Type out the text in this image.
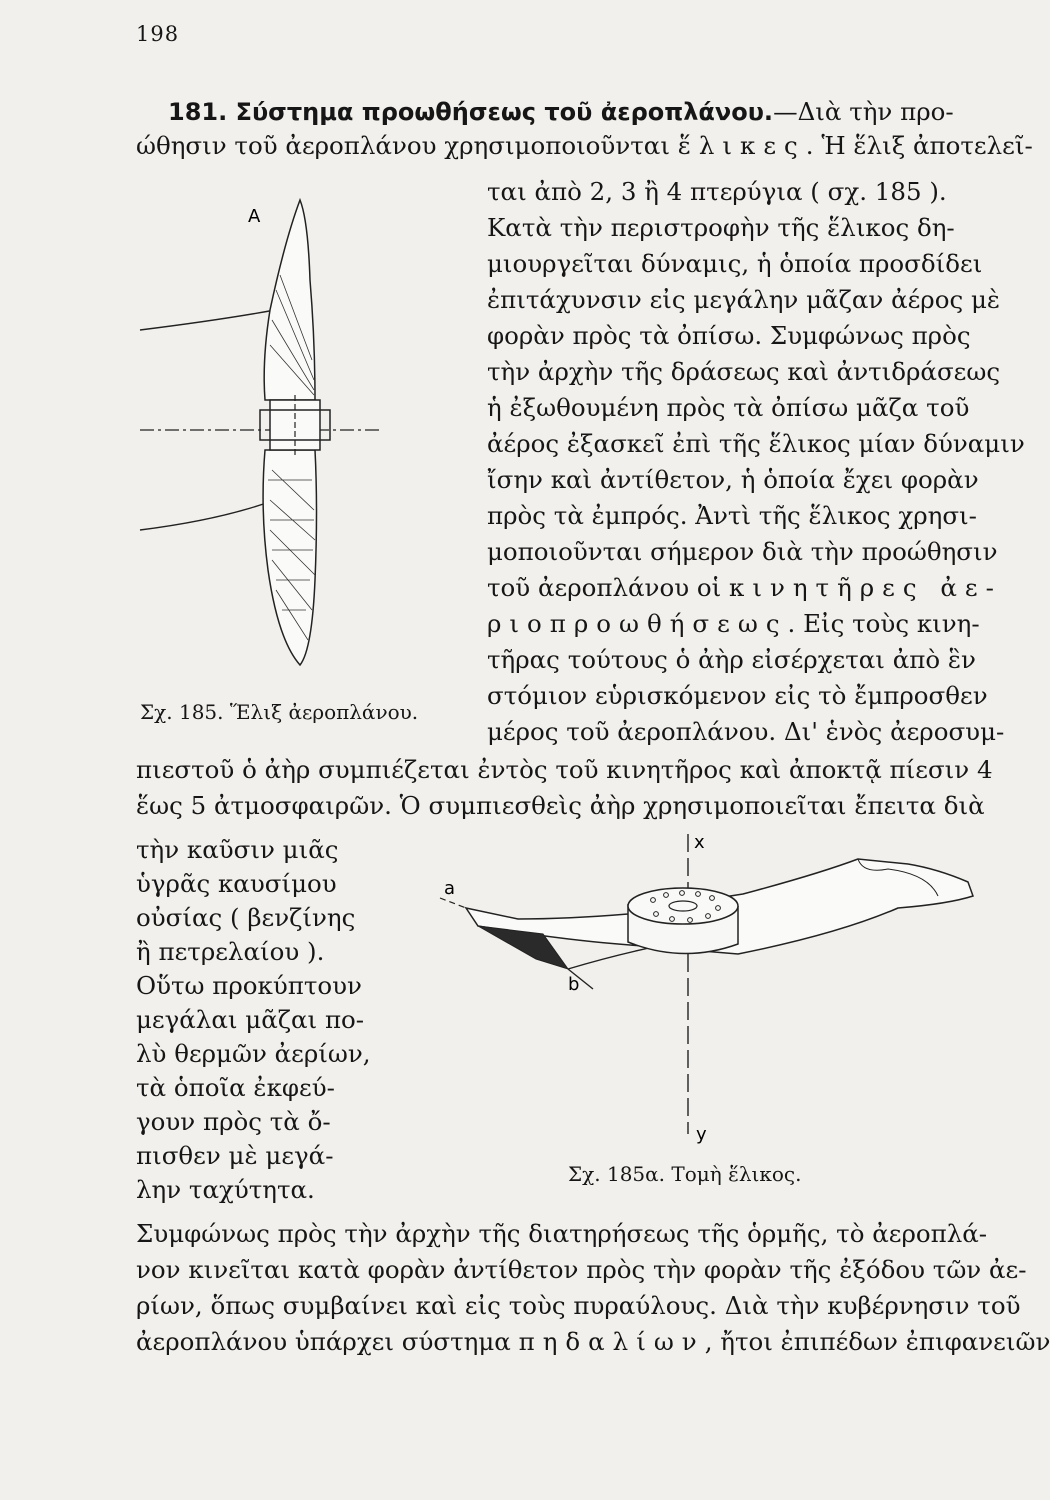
198
181. Σύστημα προωθήσεως τοῦ ἀεροπλάνου.—Διὰ τὴν προ-
ώθησιν τοῦ ἀεροπλάνου χρησιμοποιοῦνται ἕλικες. Ἡ ἕλιξ ἀποτελεῖ-
ται ἀπὸ 2, 3 ἢ 4 πτερύγια ( σχ. 185 ).
Κατὰ τὴν περιστροφὴν τῆς ἕλικος δη-
μιουργεῖται δύναμις, ἡ ὁποία προσδίδει
ἐπιτάχυνσιν εἰς μεγάλην μᾶζαν ἀέρος μὲ
φορὰν πρὸς τὰ ὀπίσω. Συμφώνως πρὸς
τὴν ἀρχὴν τῆς δράσεως καὶ ἀντιδράσεως
ἡ ἐξωθουμένη πρὸς τὰ ὀπίσω μᾶζα τοῦ
ἀέρος ἐξασκεῖ ἐπὶ τῆς ἕλικος μίαν δύναμιν
ἴσην καὶ ἀντίθετον, ἡ ὁποία ἔχει φορὰν
πρὸς τὰ ἐμπρός. Ἀντὶ τῆς ἕλικος χρησι-
μοποιοῦνται σήμερον διὰ τὴν προώθησιν
τοῦ ἀεροπλάνου οἱ κινητῆρες ἀε-
ριοπροωθήσεως. Εἰς τοὺς κινη-
τῆρας τούτους ὁ ἀὴρ εἰσέρχεται ἀπὸ ἓν
στόμιον εὑρισκόμενον εἰς τὸ ἔμπροσθεν
μέρος τοῦ ἀεροπλάνου. Δι' ἑνὸς ἀεροσυμ-
πιεστοῦ ὁ ἀὴρ συμπιέζεται ἐντὸς τοῦ κινητῆρος καὶ ἀποκτᾷ πίεσιν 4
ἕως 5 ἀτμοσφαιρῶν. Ὁ συμπιεσθεὶς ἀὴρ χρησιμοποιεῖται ἔπειτα διὰ
τὴν καῦσιν μιᾶς
ὑγρᾶς καυσίμου
οὐσίας ( βενζίνης
ἢ πετρελαίου ).
Οὕτω προκύπτουν
μεγάλαι μᾶζαι πο-
λὺ θερμῶν ἀερίων,
τὰ ὁποῖα ἐκφεύ-
γουν πρὸς τὰ ὄ-
πισθεν μὲ μεγά-
λην ταχύτητα.
Συμφώνως πρὸς τὴν ἀρχὴν τῆς διατηρήσεως τῆς ὁρμῆς, τὸ ἀεροπλά-
νον κινεῖται κατὰ φορὰν ἀντίθετον πρὸς τὴν φορὰν τῆς ἐξόδου τῶν ἀε-
ρίων, ὅπως συμβαίνει καὶ εἰς τοὺς πυραύλους. Διὰ τὴν κυβέρνησιν τοῦ
ἀεροπλάνου ὑπάρχει σύστημα πηδαλίων, ἤτοι ἐπιπέδων ἐπιφανειῶν
A
Σχ. 185. Ἕλιξ ἀεροπλάνου.
x
y
a
b
Σχ. 185α. Τομὴ ἕλικος.
